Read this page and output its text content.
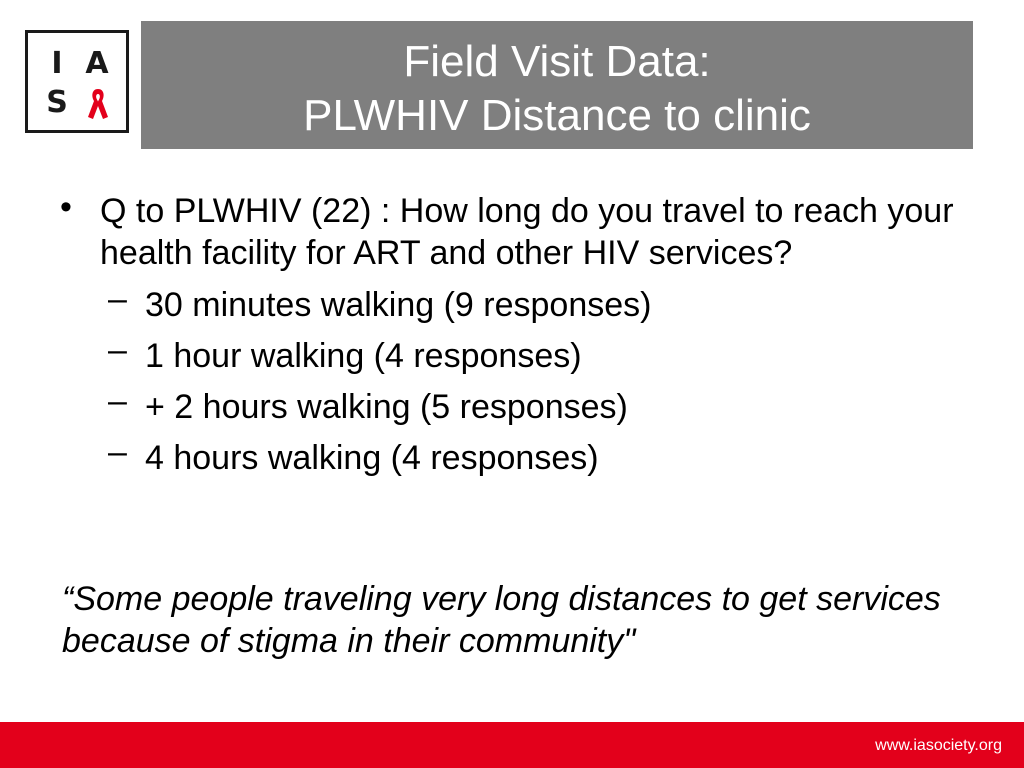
I A
S
Field Visit Data:
PLWHIV Distance to clinic
• Q to PLWHIV (22) : How long do you travel to reach your health facility for ART and other HIV services?
– 30 minutes walking (9 responses)
– 1 hour walking (4 responses)
– + 2 hours walking (5 responses)
– 4 hours walking (4 responses)
“Some people traveling very long distances to get services because of stigma in their community"
www.iasociety.org
